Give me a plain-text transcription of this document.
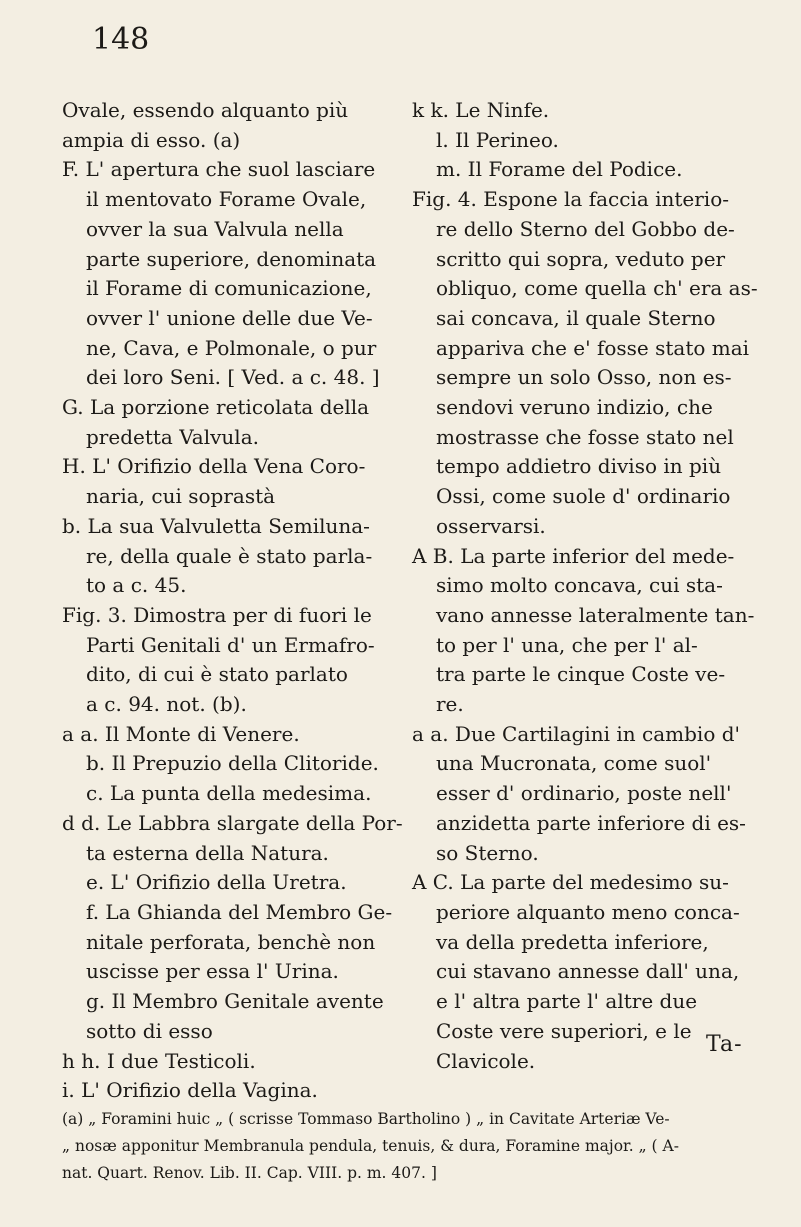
148
Ovale, essendo alquanto più
ampia di esso. (a)
F. L' apertura che suol lasciare
il mentovato Forame Ovale,
ovver la sua Valvula nella
parte superiore, denominata
il Forame di comunicazione,
ovver l' unione delle due Ve-
ne, Cava, e Polmonale, o pur
dei loro Seni. [ Ved. a c. 48. ]
G. La porzione reticolata della
predetta Valvula.
H. L' Orifizio della Vena Coro-
naria, cui soprastà
b. La sua Valvuletta Semiluna-
re, della quale è stato parla-
to a c. 45.
Fig. 3. Dimostra per di fuori le
Parti Genitali d' un Ermafro-
dito, di cui è stato parlato
a c. 94. not. (b).
a a. Il Monte di Venere.
b. Il Prepuzio della Clitoride.
c. La punta della medesima.
d d. Le Labbra slargate della Por-
ta esterna della Natura.
e. L' Orifizio della Uretra.
f. La Ghianda del Membro Ge-
nitale perforata, benchè non
uscisse per essa l' Urina.
g. Il Membro Genitale avente
sotto di esso
h h. I due Testicoli.
i. L' Orifizio della Vagina.
k k. Le Ninfe.
l. Il Perineo.
m. Il Forame del Podice.
Fig. 4. Espone la faccia interio-
re dello Sterno del Gobbo de-
scritto qui sopra, veduto per
obliquo, come quella ch' era as-
sai concava, il quale Sterno
appariva che e' fosse stato mai
sempre un solo Osso, non es-
sendovi veruno indizio, che
mostrasse che fosse stato nel
tempo addietro diviso in più
Ossi, come suole d' ordinario
osservarsi.
A B. La parte inferior del mede-
simo molto concava, cui sta-
vano annesse lateralmente tan-
to per l' una, che per l' al-
tra parte le cinque Coste ve-
re.
a a. Due Cartilagini in cambio d'
una Mucronata, come suol'
esser d' ordinario, poste nell'
anzidetta parte inferiore di es-
so Sterno.
A C. La parte del medesimo su-
periore alquanto meno conca-
va della predetta inferiore,
cui stavano annesse dall' una,
e l' altra parte l' altre due
Coste vere superiori, e le
Clavicole.
Ta-
(a) „ Foramini huic „ ( scrisse Tommaso Bartholino ) „ in Cavitate Arteriæ Ve-
„ nosæ apponitur Membranula pendula, tenuis, & dura, Foramine major. „ ( A-
nat. Quart. Renov. Lib. II. Cap. VIII. p. m. 407. ]
